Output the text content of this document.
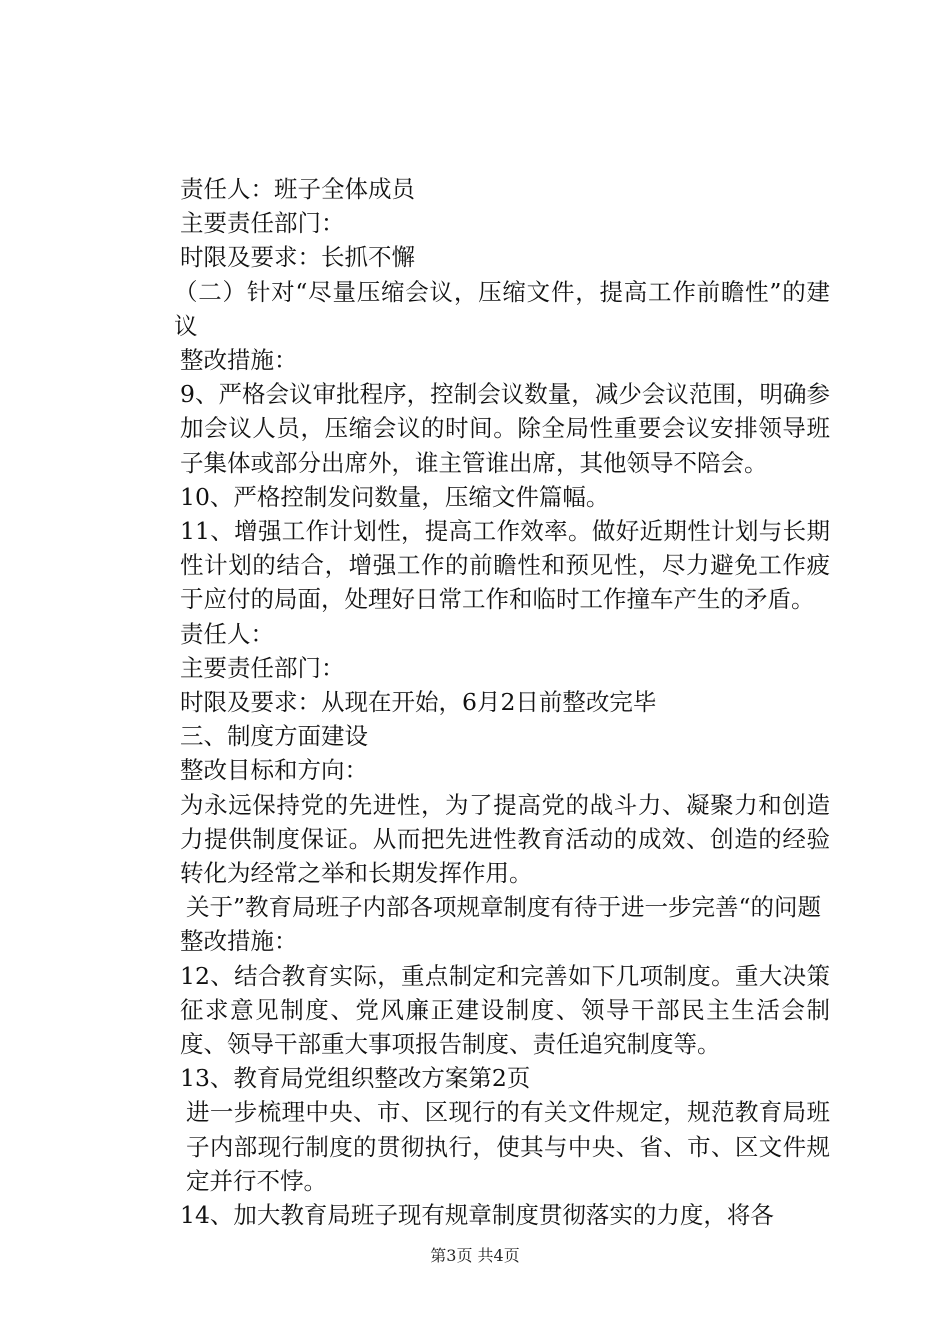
责任人：班子全体成员

主要责任部门：

时限及要求：长抓不懈

（二）针对“尽量压缩会议，压缩文件，提高工作前瞻性”的建议

整改措施：

9、严格会议审批程序，控制会议数量，减少会议范围，明确参加会议人员，压缩会议的时间。除全局性重要会议安排领导班子集体或部分出席外，谁主管谁出席，其他领导不陪会。

10、严格控制发问数量，压缩文件篇幅。

11、增强工作计划性，提高工作效率。做好近期性计划与长期性计划的结合，增强工作的前瞻性和预见性，尽力避免工作疲于应付的局面，处理好日常工作和临时工作撞车产生的矛盾。

责任人：

主要责任部门：

时限及要求：从现在开始，6月2日前整改完毕

三、制度方面建设

整改目标和方向：

为永远保持党的先进性，为了提高党的战斗力、凝聚力和创造力提供制度保证。从而把先进性教育活动的成效、创造的经验转化为经常之举和长期发挥作用。

关于”教育局班子内部各项规章制度有待于进一步完善“的问题

整改措施：

12、结合教育实际，重点制定和完善如下几项制度。重大决策征求意见制度、党风廉正建设制度、领导干部民主生活会制度、领导干部重大事项报告制度、责任追究制度等。

13、教育局党组织整改方案第2页

进一步梳理中央、市、区现行的有关文件规定，规范教育局班子内部现行制度的贯彻执行，使其与中央、省、市、区文件规定并行不悖。

14、加大教育局班子现有规章制度贯彻落实的力度，将各

第3页 共4页
